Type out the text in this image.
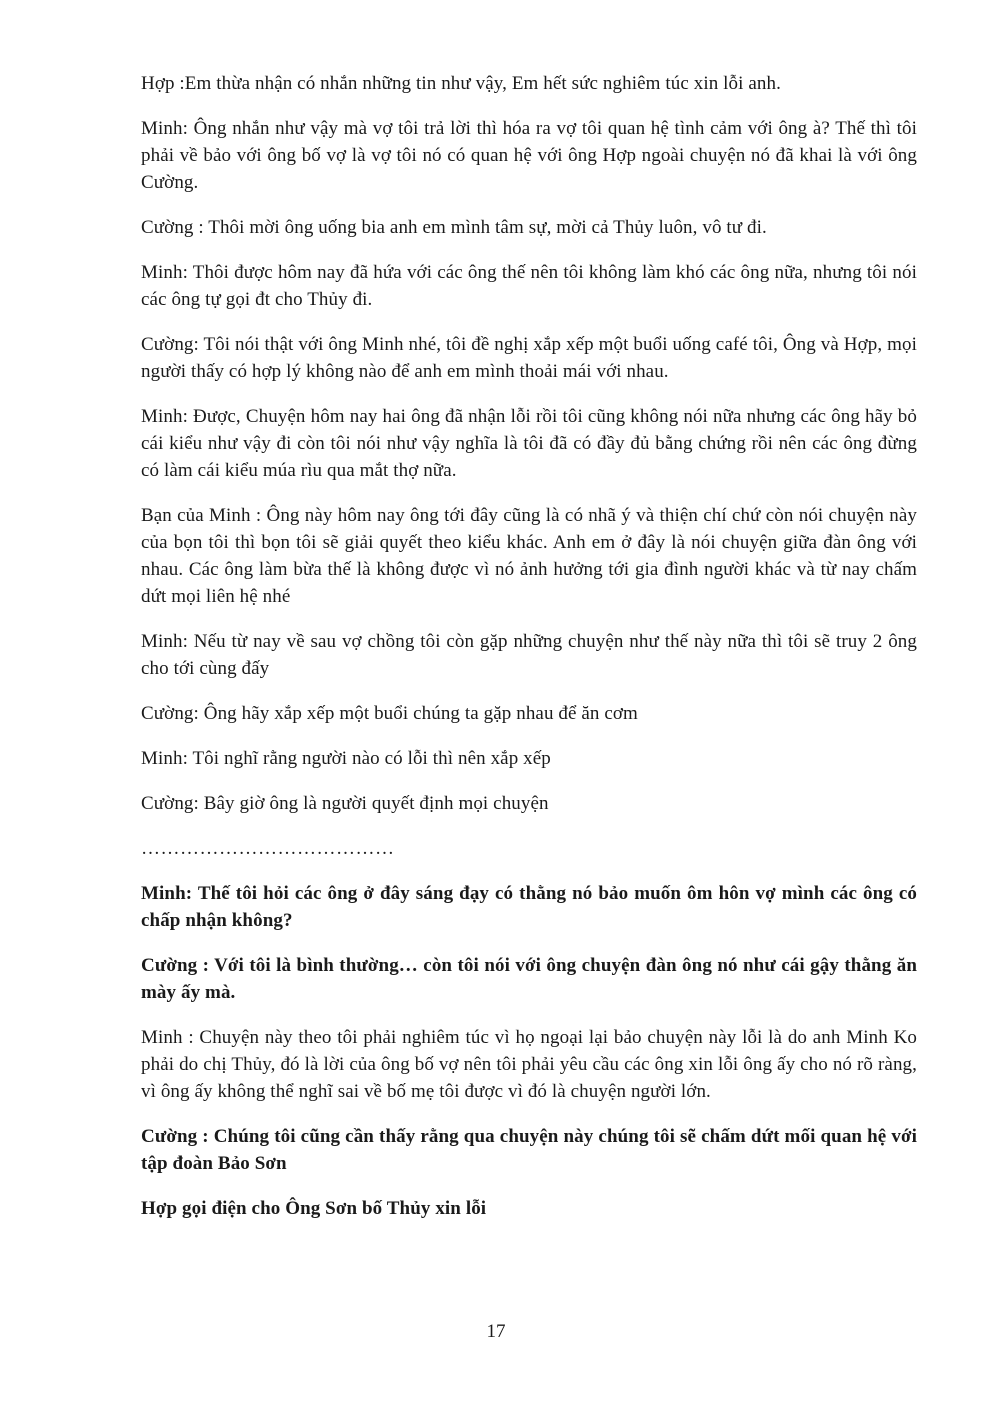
Hợp :Em thừa nhận có nhắn những tin như vậy, Em hết sức nghiêm túc xin lỗi anh.

Minh: Ông nhắn như vậy mà vợ tôi trả lời thì hóa ra vợ tôi quan hệ tình cảm với ông à? Thế thì tôi phải về bảo với ông bố vợ là vợ tôi nó có quan hệ với ông Hợp ngoài chuyện nó đã khai là với ông Cường.

Cường : Thôi mời ông uống bia anh em mình tâm sự, mời cả Thủy luôn, vô tư đi.

Minh: Thôi được hôm nay đã hứa với các ông thế nên tôi không làm khó các ông nữa, nhưng tôi nói các ông tự gọi đt cho Thủy đi.

Cường: Tôi nói thật với ông Minh nhé, tôi đề nghị xắp xếp một buổi uống café tôi, Ông và Hợp, mọi người thấy có hợp lý không nào để anh em mình thoải mái với nhau.

Minh: Được, Chuyện hôm nay hai ông đã nhận lỗi rồi tôi cũng không nói nữa nhưng các ông hãy bỏ cái kiểu như vậy đi còn tôi nói như vậy nghĩa là tôi đã có đầy đủ bằng chứng rồi nên các ông đừng có làm cái kiểu múa rìu qua mắt thợ nữa.

Bạn của Minh : Ông này hôm nay ông tới đây cũng là có nhã ý và thiện chí chứ còn nói chuyện này của bọn tôi thì bọn tôi sẽ giải quyết theo kiểu khác. Anh em ở đây là nói chuyện giữa đàn ông với nhau. Các ông làm bừa thế là không được vì nó ảnh hưởng tới gia đình người khác và từ nay chấm dứt mọi liên hệ nhé

Minh: Nếu từ nay về sau vợ chồng tôi còn gặp những chuyện như thế này nữa thì tôi sẽ truy 2 ông cho tới cùng đấy

Cường: Ông hãy xắp xếp một buổi chúng ta gặp nhau để ăn cơm

Minh: Tôi nghĩ rằng người nào có lỗi thì nên xắp xếp

Cường: Bây giờ ông là người quyết định mọi chuyện

…………………………………

Minh: Thế tôi hỏi các ông ở đây sáng đạy có thằng nó bảo muốn ôm hôn vợ mình các ông có chấp nhận không?

Cường : Với tôi là bình thường… còn tôi nói với ông chuyện đàn ông nó như cái gậy thằng ăn mày ấy mà.

Minh : Chuyện này theo tôi phải nghiêm túc vì họ ngoại lại bảo chuyện này lỗi là do anh Minh Ko phải do chị Thủy, đó là lời của ông bố vợ nên tôi phải yêu cầu các ông xin lỗi ông ấy cho nó rõ ràng, vì ông ấy không thể nghĩ sai về bố mẹ tôi được vì đó là chuyện người lớn.

Cường : Chúng tôi cũng cần thấy rằng qua chuyện này chúng tôi sẽ chấm dứt mối quan hệ với tập đoàn Bảo Sơn

Hợp gọi điện cho Ông Sơn bố Thủy xin lỗi

17
